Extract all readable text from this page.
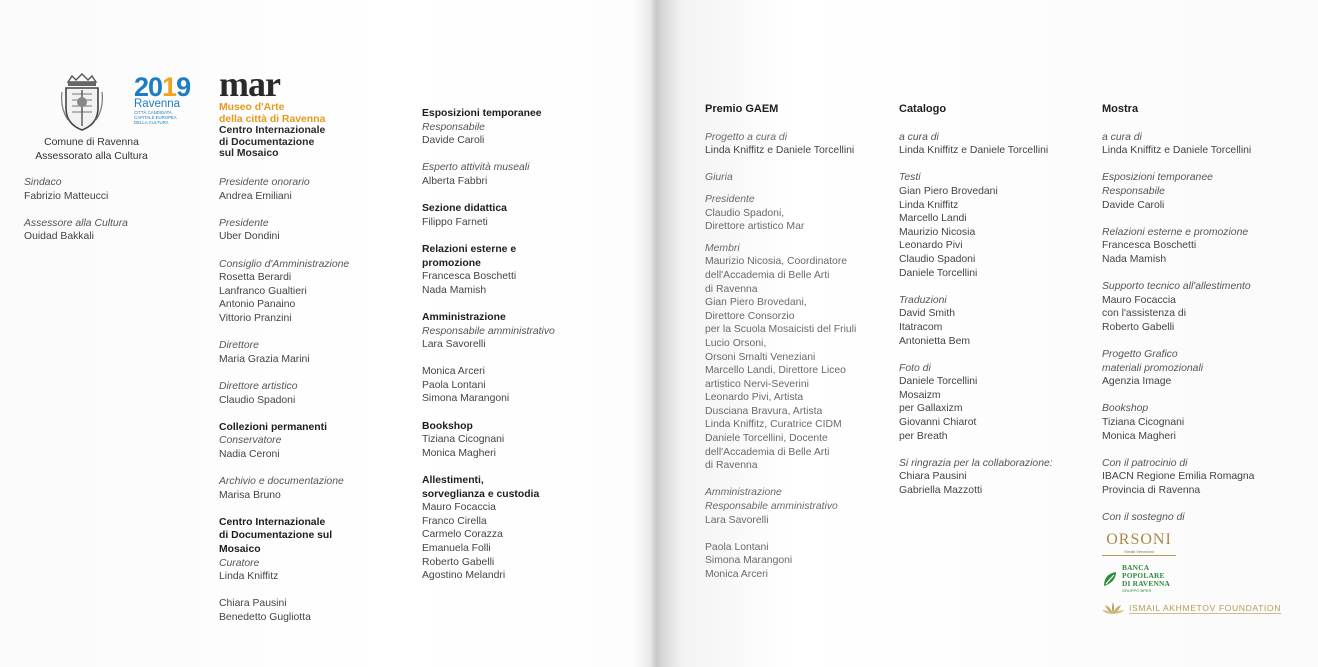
Comune di Ravenna
Assessorato alla Cultura
2019
Ravenna
CITTÀ CANDIDATA
CAPITALE EUROPEA
DELLA CULTURA
mar
Museo d'Arte
della città di Ravenna
Centro Internazionale
di Documentazione
sul Mosaico
Sindaco
Fabrizio Matteucci
Assessore alla Cultura
Ouidad Bakkali
Presidente onorario
Andrea Emiliani
Presidente
Uber Dondini
Consiglio d'Amministrazione
Rosetta Berardi
Lanfranco Gualtieri
Antonio Panaino
Vittorio Pranzini
Direttore
Maria Grazia Marini
Direttore artistico
Claudio Spadoni
Collezioni permanenti
Conservatore
Nadia Ceroni
Archivio e documentazione
Marisa Bruno
Centro Internazionale
di Documentazione sul
Mosaico
Curatore
Linda Kniffitz
Chiara Pausini
Benedetto Gugliotta
Esposizioni temporanee
Responsabile
Davide Caroli
Esperto attività museali
Alberta Fabbri
Sezione didattica
Filippo Farneti
Relazioni esterne e
promozione
Francesca Boschetti
Nada Mamish
Amministrazione
Responsabile amministrativo
Lara Savorelli
Monica Arceri
Paola Lontani
Simona Marangoni
Bookshop
Tiziana Cicognani
Monica Magheri
Allestimenti,
sorveglianza e custodia
Mauro Focaccia
Franco Cirella
Carmelo Corazza
Emanuela Folli
Roberto Gabelli
Agostino Melandri
Premio GAEM
Progetto a cura di
Linda Kniffitz e Daniele Torcellini
Giuria
Presidente
Claudio Spadoni,
Direttore artistico Mar
Membri
Maurizio Nicosia, Coordinatore
dell'Accademia di Belle Arti
di Ravenna
Gian Piero Brovedani,
Direttore Consorzio
per la Scuola Mosaicisti del Friuli
Lucio Orsoni,
Orsoni Smalti Veneziani
Marcello Landi, Direttore Liceo
artistico Nervi-Severini
Leonardo Pivi, Artista
Dusciana Bravura, Artista
Linda Kniffitz, Curatrice CIDM
Daniele Torcellini, Docente
dell'Accademia di Belle Arti
di Ravenna
Amministrazione
Responsabile amministrativo
Lara Savorelli
Paola Lontani
Simona Marangoni
Monica Arceri
Catalogo
a cura di
Linda Kniffitz e Daniele Torcellini
Testi
Gian Piero Brovedani
Linda Kniffitz
Marcello Landi
Maurizio Nicosia
Leonardo Pivi
Claudio Spadoni
Daniele Torcellini
Traduzioni
David Smith
Itatracom
Antonietta Bem
Foto di
Daniele Torcellini
Mosaizm
per Gallaxizm
Giovanni Chiarot
per Breath
Si ringrazia per la collaborazione:
Chiara Pausini
Gabriella Mazzotti
Mostra
a cura di
Linda Kniffitz e Daniele Torcellini
Esposizioni temporanee
Responsabile
Davide Caroli
Relazioni esterne e promozione
Francesca Boschetti
Nada Mamish
Supporto tecnico all'allestimento
Mauro Focaccia
con l'assistenza di
Roberto Gabelli
Progetto Grafico
materiali promozionali
Agenzia Image
Bookshop
Tiziana Cicognani
Monica Magheri
Con il patrocinio di
IBACN Regione Emilia Romagna
Provincia di Ravenna
Con il sostegno di
ORSONI
Smalti Veneziani
BANCA
POPOLARE
DI RAVENNA
GRUPPO BPER
ISMAIL AKHMETOV FOUNDATION
